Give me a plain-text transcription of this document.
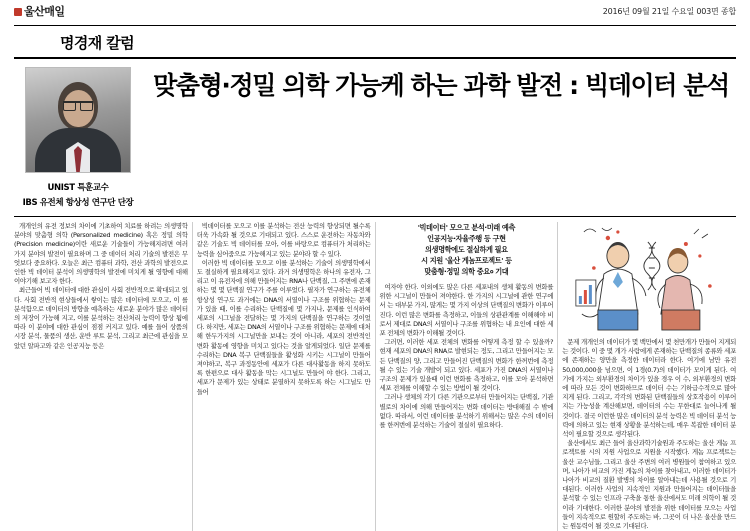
울산매일	2016년 09월 21일 수요일 003면 종합
명경재 칼럼
UNIST 특훈교수
IBS 유전체 항상성 연구단 단장
맞춤형·정밀 의학 가능케 하는 과학 발전 : 빅데이터 분석

개개인의 유전 정보의 차이에 기초하여 치료를 하려는 의생명학 분야의 맞춤형 의학 (Personalized medicine) 혹은 정밀 의학 (Precision medicine)이란 새로운 기술들이 가능해지려면 여러 가지 분야의 발전이 필요하며 그 중 데이터 처리 기술의 발전은 무엇보다 중요하다. 오늘은 최근 컴퓨터 과학, 전산 과학의 발전으로 인한 빅 데이터 분석이 의생명학의 발전에 미치게 될 영향에 대해 이야기해 보고자 한다.

최근들어 빅 데이터에 대한 관심이 사회 전반적으로 확대되고 있다. 사회 전반적 현상들에서 쌓이는 많은 데이터에 모으고, 이 를 분석함으로 데이터의 방향을 예측하는 새로운 분야가 많은 데이터의 저장이 가능해 지고, 이를 분석하는 전산처리 능력이 향상 됨에 따라 이 분야에 대한 관심이 점점 커지고 있다. 예를 들어 상품의 시장 분석, 물품의 생산, 운반 루트 분석, 그리고 최근에 관심을 모았던 알파고와 같은 인공지능 등은

빅데이터를 모으고 이를 분석하는 전산 능력의 향상되면 될수록 더욱 가속화 될 것으로 기대되고 있다. 스스로 운전하는 자동차와 같은 기술도 빅 데이터를 모아, 이를 바탕으로 컴퓨터가 처리하는 능력을 심어줌으로 가능해지고 있는 분야라 할 수 있다.

이러한 빅 데이터를 모으고 이를 분석하는 기술이 의생명학에서도 절실하게 필요해지고 있다. 과거 의생명학은 하나의 유전자, 그리고 이 유전자에 의해 만들어지는 RNA나 단백질, 그 주변에 존재하는 몇 몇 단백질 연구가 주를 이루었다. 필자가 연구하는 유전체 항상성 연구도 과거에는 DNA의 서열이나 구조를 위협하는 문제가 있을 때, 이를 수리하는 단백질에 몇 가지나, 문제를 인식하여 세포의 시그널을 전달하는 몇 가지의 단백질을 연구하는 것이었다. 하지만, 세포는 DNA의 서열이나 구조를 위협하는 문제에 대처해 한두가지의 시그널만을 보내는 것이 아니라, 세포의 전반적인 변화 활동에 영향을 미치고 있다는 것을 알게되었다. 일단 문제를 수리하는 DNA 복구 단백질들을 활성화 시키는 시그널이 만들어 져야하고, 복구 과정동안에 세포가 다른 대사활동을 하지 못하도록 한편으로 대사 활동을 막는 시그널도 만들어 야 한다. 그리고, 세포가 문제가 있는 상태로 분열하지 못하도록 하는 시그널도 만들어

'빅데이터' 모으고 분석·미래 예측
인공지능·자율주행 등 구현
의생명학에도 절실하게 필요
시 지원 '울산 게놈프로젝트' 등
맞춤형·정밀 의학 중요० 기대

여자야 한다. 이외에도 많은 다른 세포내의 생체 활동의 변화를 위한 시그널이 만들어 져야한다. 한 가지의 시그널에 관한 연구에서 는 대부분 가지, 많게는 몇 가지 이상의 단백질의 변화가 이루어진다. 이런 많은 변화를 측정하고, 이들의 상관관계를 이해해야 비로서 제대로 DNA의 서열이나 구조를 위협하는 내 요인에 대한 세포 전체의 변화가 이해될 것이다.

그러면, 이러한 세포 전체의 변화를 어떻게 측정 할 수 있을까? 현재 세포의 DNA의 RNA로 발현되는 정도, 그리고 만들어지는 모든 단백질의 양, 그리고 만들어진 단백질의 변화가 한꺼번에 측정될 수 있는 기술 개발이 되고 있다. 세포가 가진 DNA의 서열이나 구조의 문제가 있을때 이런 변화를 측정하고, 이를 모아 분석하면 세포 전체를 이해할 수 있는 방법이 될 것이다.

그러나 생체의 각기 다른 기관으로부터 만들어지는 단백질, 기관별로의 차이에 의해 만들어지는 변화 데이터는 방대해질 수 밖에 없다. 따라서, 이런 데이터를 분석하기 위해서는 많은 수의 데이터를 한꺼번에 분석하는 기술이 절실히 필요하다.

문제 개개인의 데이터가 몇 백만에서 몇 천만개가 만들어 지게되는 것이다. 이 중 몇 개가 사람에게 존재하는 단백질의 종류와 세포에 존재하는 양만을 측정한 데이터라 한다. 여기에 남만 유전 50,000,000을 넘으면, 이 1경(0.7)의 데이터가 모이게 된다. 여기에 가지는 외부환경의 차이가 있을 경우 이 수, 외부환경의 변화에 따라 모든 것이 변화하므로 데이터 수는 기하급수적으로 많아지게 된다. 그리고, 각각의 변화된 단백질들의 상호작용이 이루어지는 가능성을 계산해보면, 데이터의 수는 무한대로 늘어나게 될 것이다. 결국 이런한 많은 데이터의 분석 능력은 빅 데이터 분석 능력에 의하고 있는 현재 상황을 분석하는데, 매우 복잡한 데이터 분석이 필요할 것으로 생각된다.

울산에서도 최근 들어 울산과학기술원과 주도하는 울산 게놈 프로젝트를 시의 지원 사업으로 지원을 시작했다. 게놈 프로젝트는 울산 교수님들, 그리고 울산 주변의 여러 병원들이 참여하고 있으며, 나아가 비교의 가진 게놈의 차이를 찾아내고, 이러한 데이터가 나아가 비교의 질환 발병의 차이를 알아내는데 사용될 것으로 기대된다. 이러한 사업의 지속적인 지원과 만들어지는 데이터들을 분석할 수 있는 인프라 구축을 통한 울산에서도 미래 의학이 될 것이라 기대한다. 이러한 분야의 발전을 위한 데이터를 모으는 사업들이 지속적으로 원할히 주도하는 바, 그곳이 더 나은 울산을 만드는 원동력이 될 것으로 기대된다.
